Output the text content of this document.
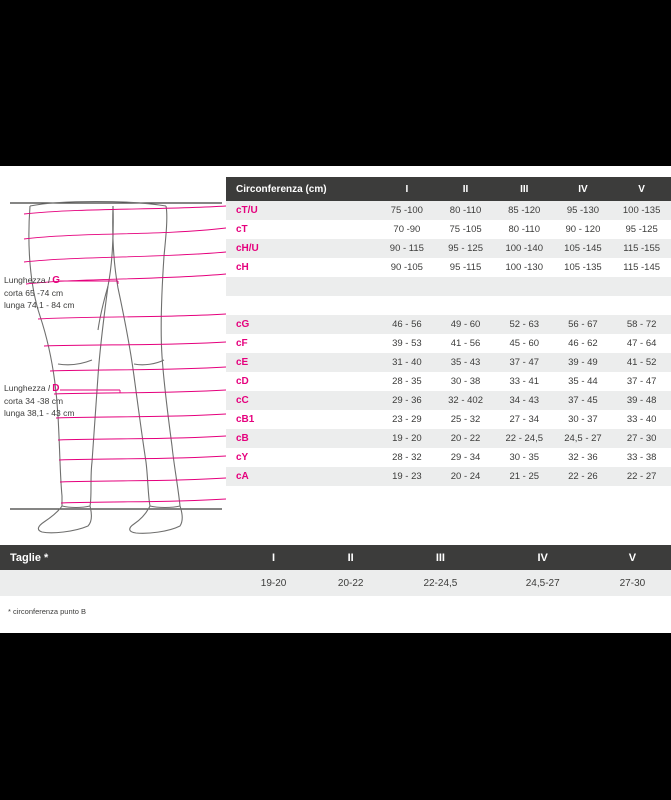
Lunghezza l G
corta 65 -74 cm
lunga 74,1 - 84 cm
Lunghezza l D
corta 34 -38 cm
lunga 38,1 - 43 cm
Circonferenza (cm)	I	II	III	IV	V
cT/U	75 -100	80 -110	85 -120	95 -130	100 -135
cT	70 -90	75 -105	80 -110	90 - 120	95 -125
cH/U	90 - 115	95 - 125	100 -140	105 -145	115 -155
cH	90 -105	95 -115	100 -130	105 -135	115 -145

cG	46 - 56	49 - 60	52 - 63	56 - 67	58 - 72
cF	39 - 53	41 - 56	45 - 60	46 - 62	47 - 64
cE	31 - 40	35 - 43	37 - 47	39 - 49	41 - 52
cD	28 - 35	30 - 38	33 - 41	35 - 44	37 - 47
cC	29 - 36	32 - 402	34 - 43	37 - 45	39 - 48
cB1	23 - 29	25 - 32	27 - 34	30 - 37	33 - 40
cB	19 - 20	20 - 22	22 - 24,5	24,5 - 27	27 - 30
cY	28 - 32	29 - 34	30 - 35	32 - 36	33 - 38
cA	19 - 23	20 - 24	21 - 25	22 - 26	22 - 27
Taglie *	I	II	III	IV	V
	19-20	20-22	22-24,5	24,5-27	27-30
* circonferenza punto B
